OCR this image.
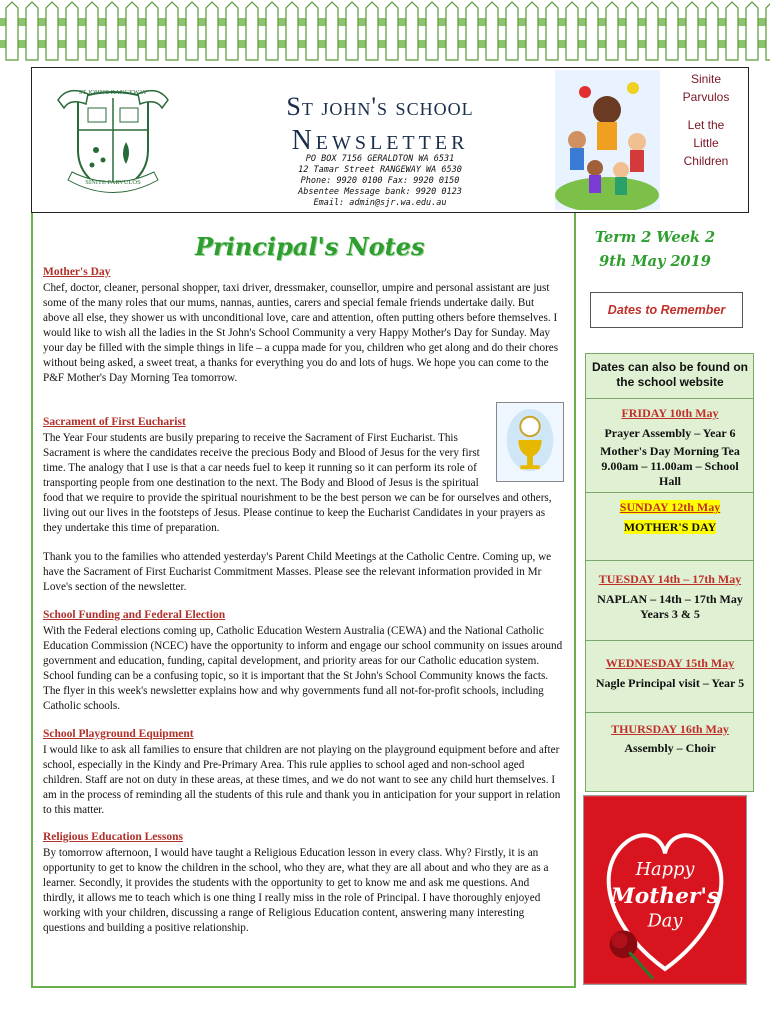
SINITE PARVULOS
ST JOHN'S RANGEWAY	St john's school
Newsletter
PO BOX 7156 GERALDTON WA 6531
12 Tamar Street RANGEWAY WA 6530
Phone: 9920 0100 Fax: 9920 0150
Absentee Message bank: 9920 0123
Email: admin@sjr.wa.edu.au
Sinite
Parvulos
Let the
Little
Children
Principal's Notes
Mother's Day
Chef, doctor, cleaner, personal shopper, taxi driver, dressmaker, counsellor, umpire and personal assistant are just some of the many roles that our mums, nannas, aunties, carers and special female friends undertake daily. But above all else, they shower us with unconditional love, care and attention, often putting others before themselves. I would like to wish all the ladies in the St John's School Community a very Happy Mother's Day for Sunday. May your day be filled with the simple things in life – a cuppa made for you, children who get along and do their chores without being asked, a sweet treat, a thanks for everything you do and lots of hugs. We hope you can come to the P&F Mother's Day Morning Tea tomorrow.
Sacrament of First Eucharist
The Year Four students are busily preparing to receive the Sacrament of First Eucharist. This Sacrament is where the candidates receive the precious Body and Blood of Jesus for the very first time. The analogy that I use is that a car needs fuel to keep it running so it can perform its role of transporting people from one destination to the next. The Body and Blood of Jesus is the spiritual food that we require to provide the spiritual nourishment to be the best person we can be for ourselves and others, living out our lives in the footsteps of Jesus. Please continue to keep the Eucharist Candidates in your prayers as they undertake this time of preparation.
Thank you to the families who attended yesterday's Parent Child Meetings at the Catholic Centre. Coming up, we have the Sacrament of First Eucharist Commitment Masses. Please see the relevant information provided in Mr Love's section of the newsletter.
School Funding and Federal Election
With the Federal elections coming up, Catholic Education Western Australia (CEWA) and the National Catholic Education Commission (NCEC) have the opportunity to inform and engage our school community on issues around government and education, funding, capital development, and priority areas for our Catholic education system. School funding can be a confusing topic, so it is important that the St John's School Community knows the facts. The flyer in this week's newsletter explains how and why governments fund all not-for-profit schools, including Catholic schools.
School Playground Equipment
I would like to ask all families to ensure that children are not playing on the playground equipment before and after school, especially in the Kindy and Pre-Primary Area. This rule applies to school aged and non-school aged children. Staff are not on duty in these areas, at these times, and we do not want to see any child hurt themselves. I am in the process of reminding all the students of this rule and thank you in anticipation for your support in relation to this matter.
Religious Education Lessons
By tomorrow afternoon, I would have taught a Religious Education lesson in every class. Why? Firstly, it is an opportunity to get to know the children in the school, who they are, what they are all about and who they are as a learner. Secondly, it provides the students with the opportunity to get to know me and ask me questions. And thirdly, it allows me to teach which is one thing I really miss in the role of Principal. I have thoroughly enjoyed working with your children, discussing a range of Religious Education content, answering many interesting questions and building a positive relationship.
Term 2 Week 2
9th May 2019
Dates to Remember
Dates can also be found on the school website
FRIDAY 10th May
Prayer Assembly – Year 6
Mother's Day Morning Tea 9.00am – 11.00am – School Hall
SUNDAY 12th May
MOTHER'S DAY
TUESDAY 14th – 17th May
NAPLAN – 14th – 17th May Years 3 & 5
WEDNESDAY 15th May
Nagle Principal visit – Year 5
THURSDAY 16th May
Assembly – Choir
Happy
Mother's
Day
